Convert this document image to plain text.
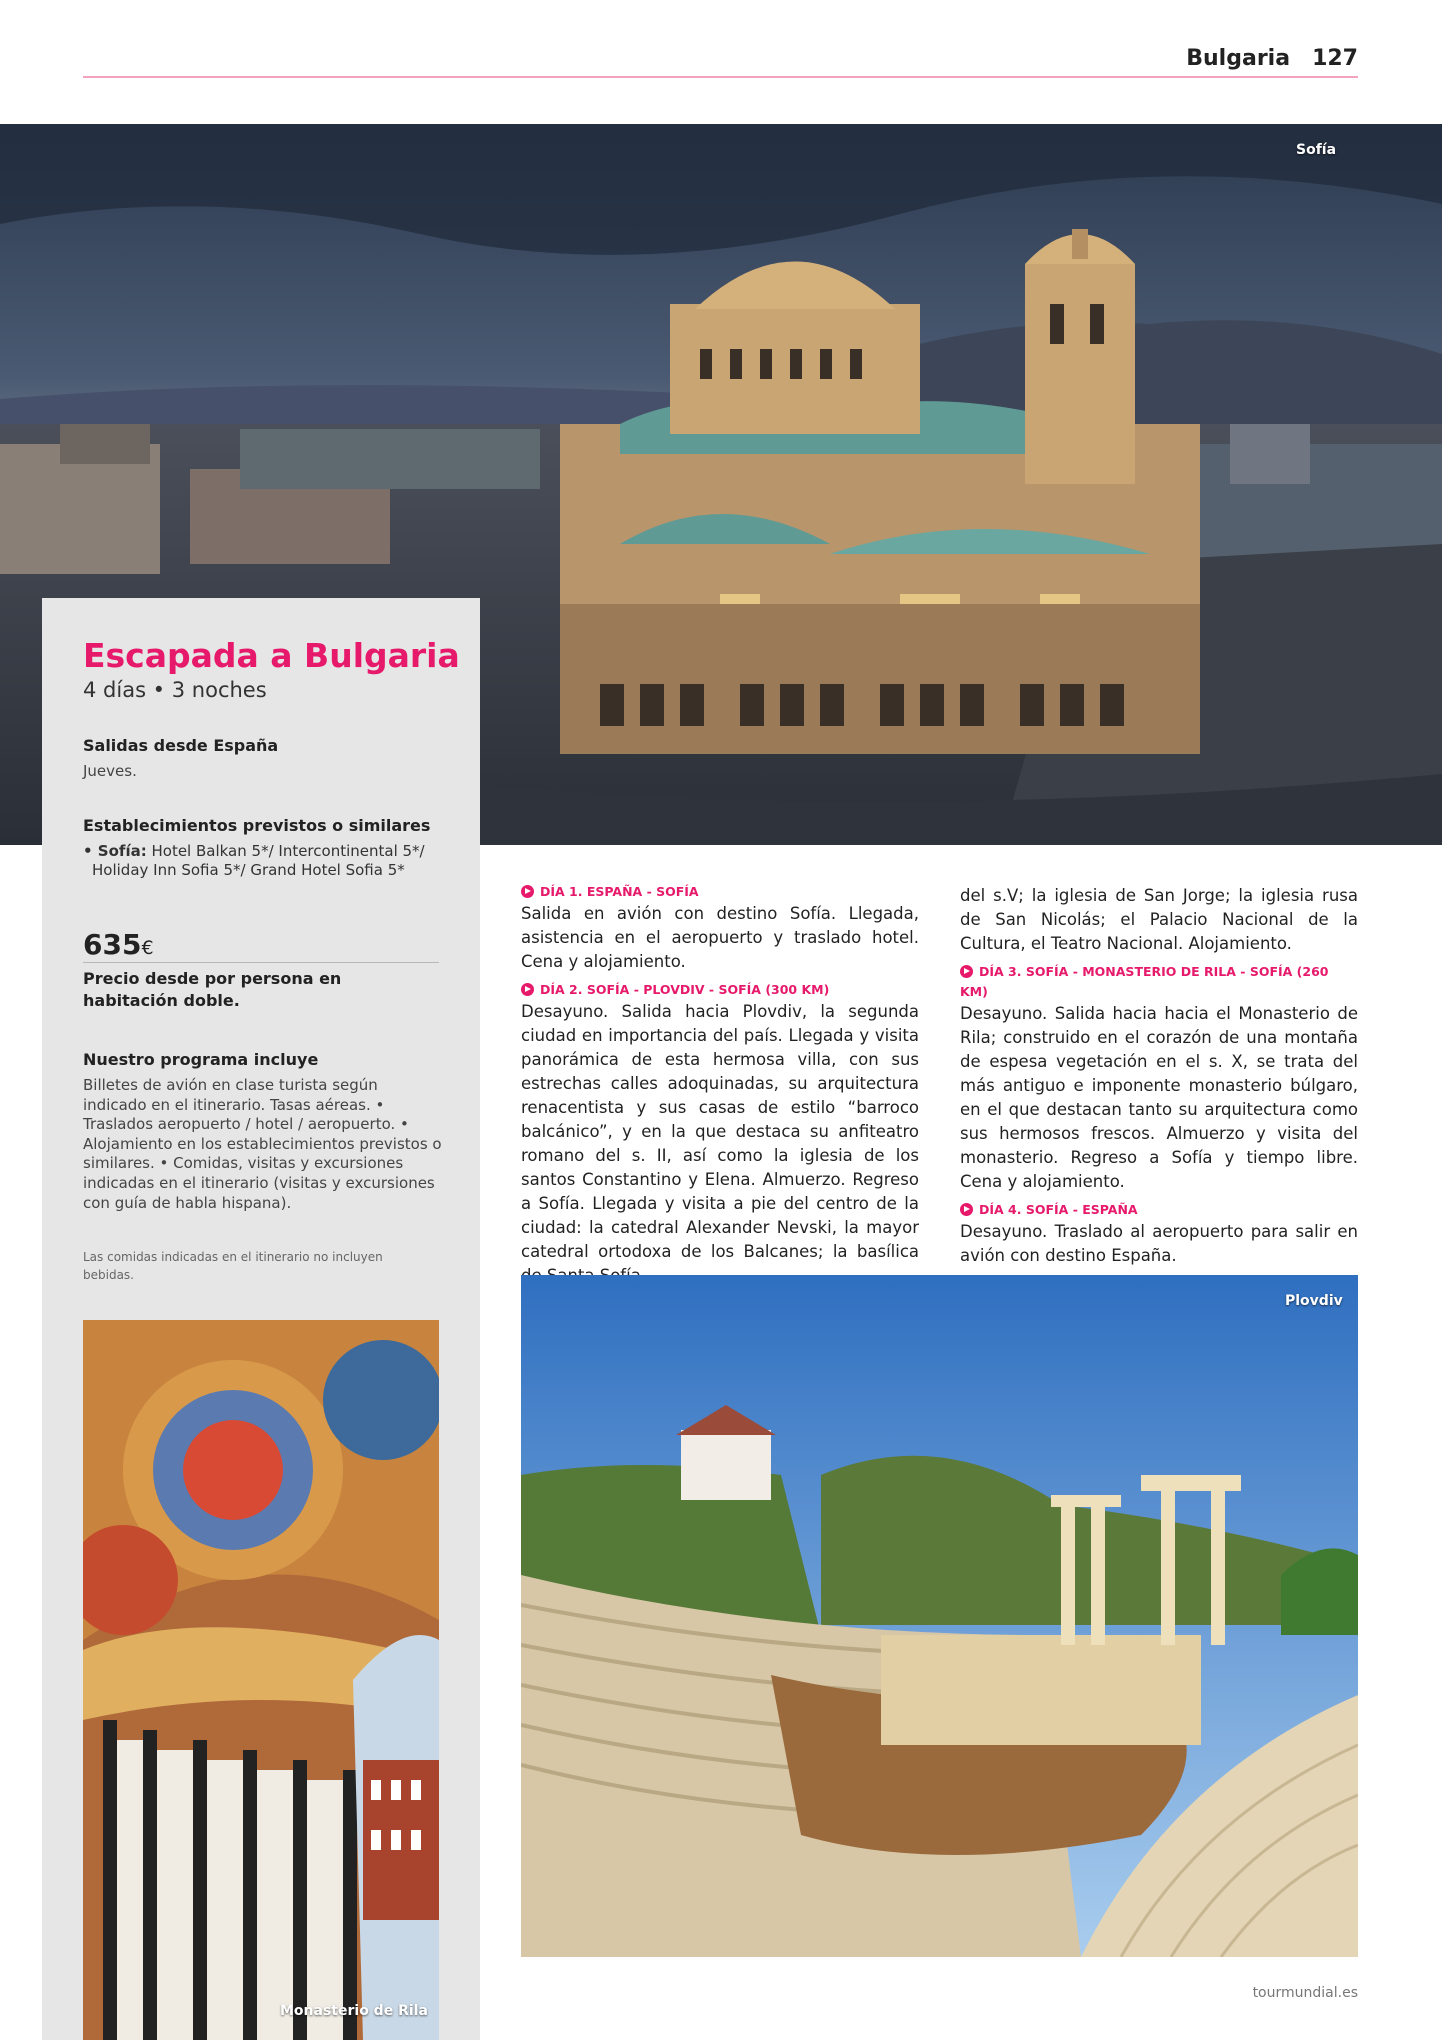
Bulgaria 127
Sofía
Escapada a Bulgaria
4 días • 3 noches
Salidas desde España
Jueves.
Establecimientos previstos o similares
• Sofía: Hotel Balkan 5*/ Intercontinental 5*/
Holiday Inn Sofia 5*/ Grand Hotel Sofia 5*
635€
Precio desde por persona en habitación doble.
Nuestro programa incluye
Billetes de avión en clase turista según indicado en el itinerario. Tasas aéreas. • Traslados aeropuerto / hotel / aeropuerto. • Alojamiento en los establecimientos previstos o similares. • Comidas, visitas y excursiones indicadas en el itinerario (visitas y excursiones con guía de habla hispana).
Las comidas indicadas en el itinerario no incluyen bebidas.
Monasterio de Rila
DÍA 1. ESPAÑA - SOFÍA

Salida en avión con destino Sofía. Llegada, asistencia en el aeropuerto y traslado hotel. Cena y alojamiento.

DÍA 2. SOFÍA - PLOVDIV - SOFÍA (300 KM)

Desayuno. Salida hacia Plovdiv, la segunda ciudad en importancia del país. Llegada y visita panorámica de esta hermosa villa, con sus estrechas calles adoquinadas, su arquitectura renacentista y sus casas de estilo “barroco balcánico”, y en la que destaca su anfiteatro romano del s. II, así como la iglesia de los santos Constantino y Elena. Almuerzo. Regreso a Sofía. Llegada y visita a pie del centro de la ciudad: la catedral Alexander Nevski, la mayor catedral ortodoxa de los Balcanes; la basílica

del s.V; la iglesia de San Jorge; la iglesia rusa de San Nicolás; el Palacio Nacional de la Cultura, el Teatro Nacional. Alojamiento.

DÍA 3. SOFÍA - MONASTERIO DE RILA - SOFÍA (260 KM)

Desayuno. Salida hacia hacia el Monasterio de Rila; construido en el corazón de una montaña de espesa vegetación en el s. X, se trata del más antiguo e imponente monasterio búlgaro, en el que destacan tanto su arquitectura como sus hermosos frescos. Almuerzo y visita del monasterio. Regreso a Sofía y tiempo libre. Cena y alojamiento.

DÍA 4. SOFÍA - ESPAÑA

Desayuno. Traslado al aeropuerto para salir en avión con destino España.

Plovdiv
tourmundial.es
